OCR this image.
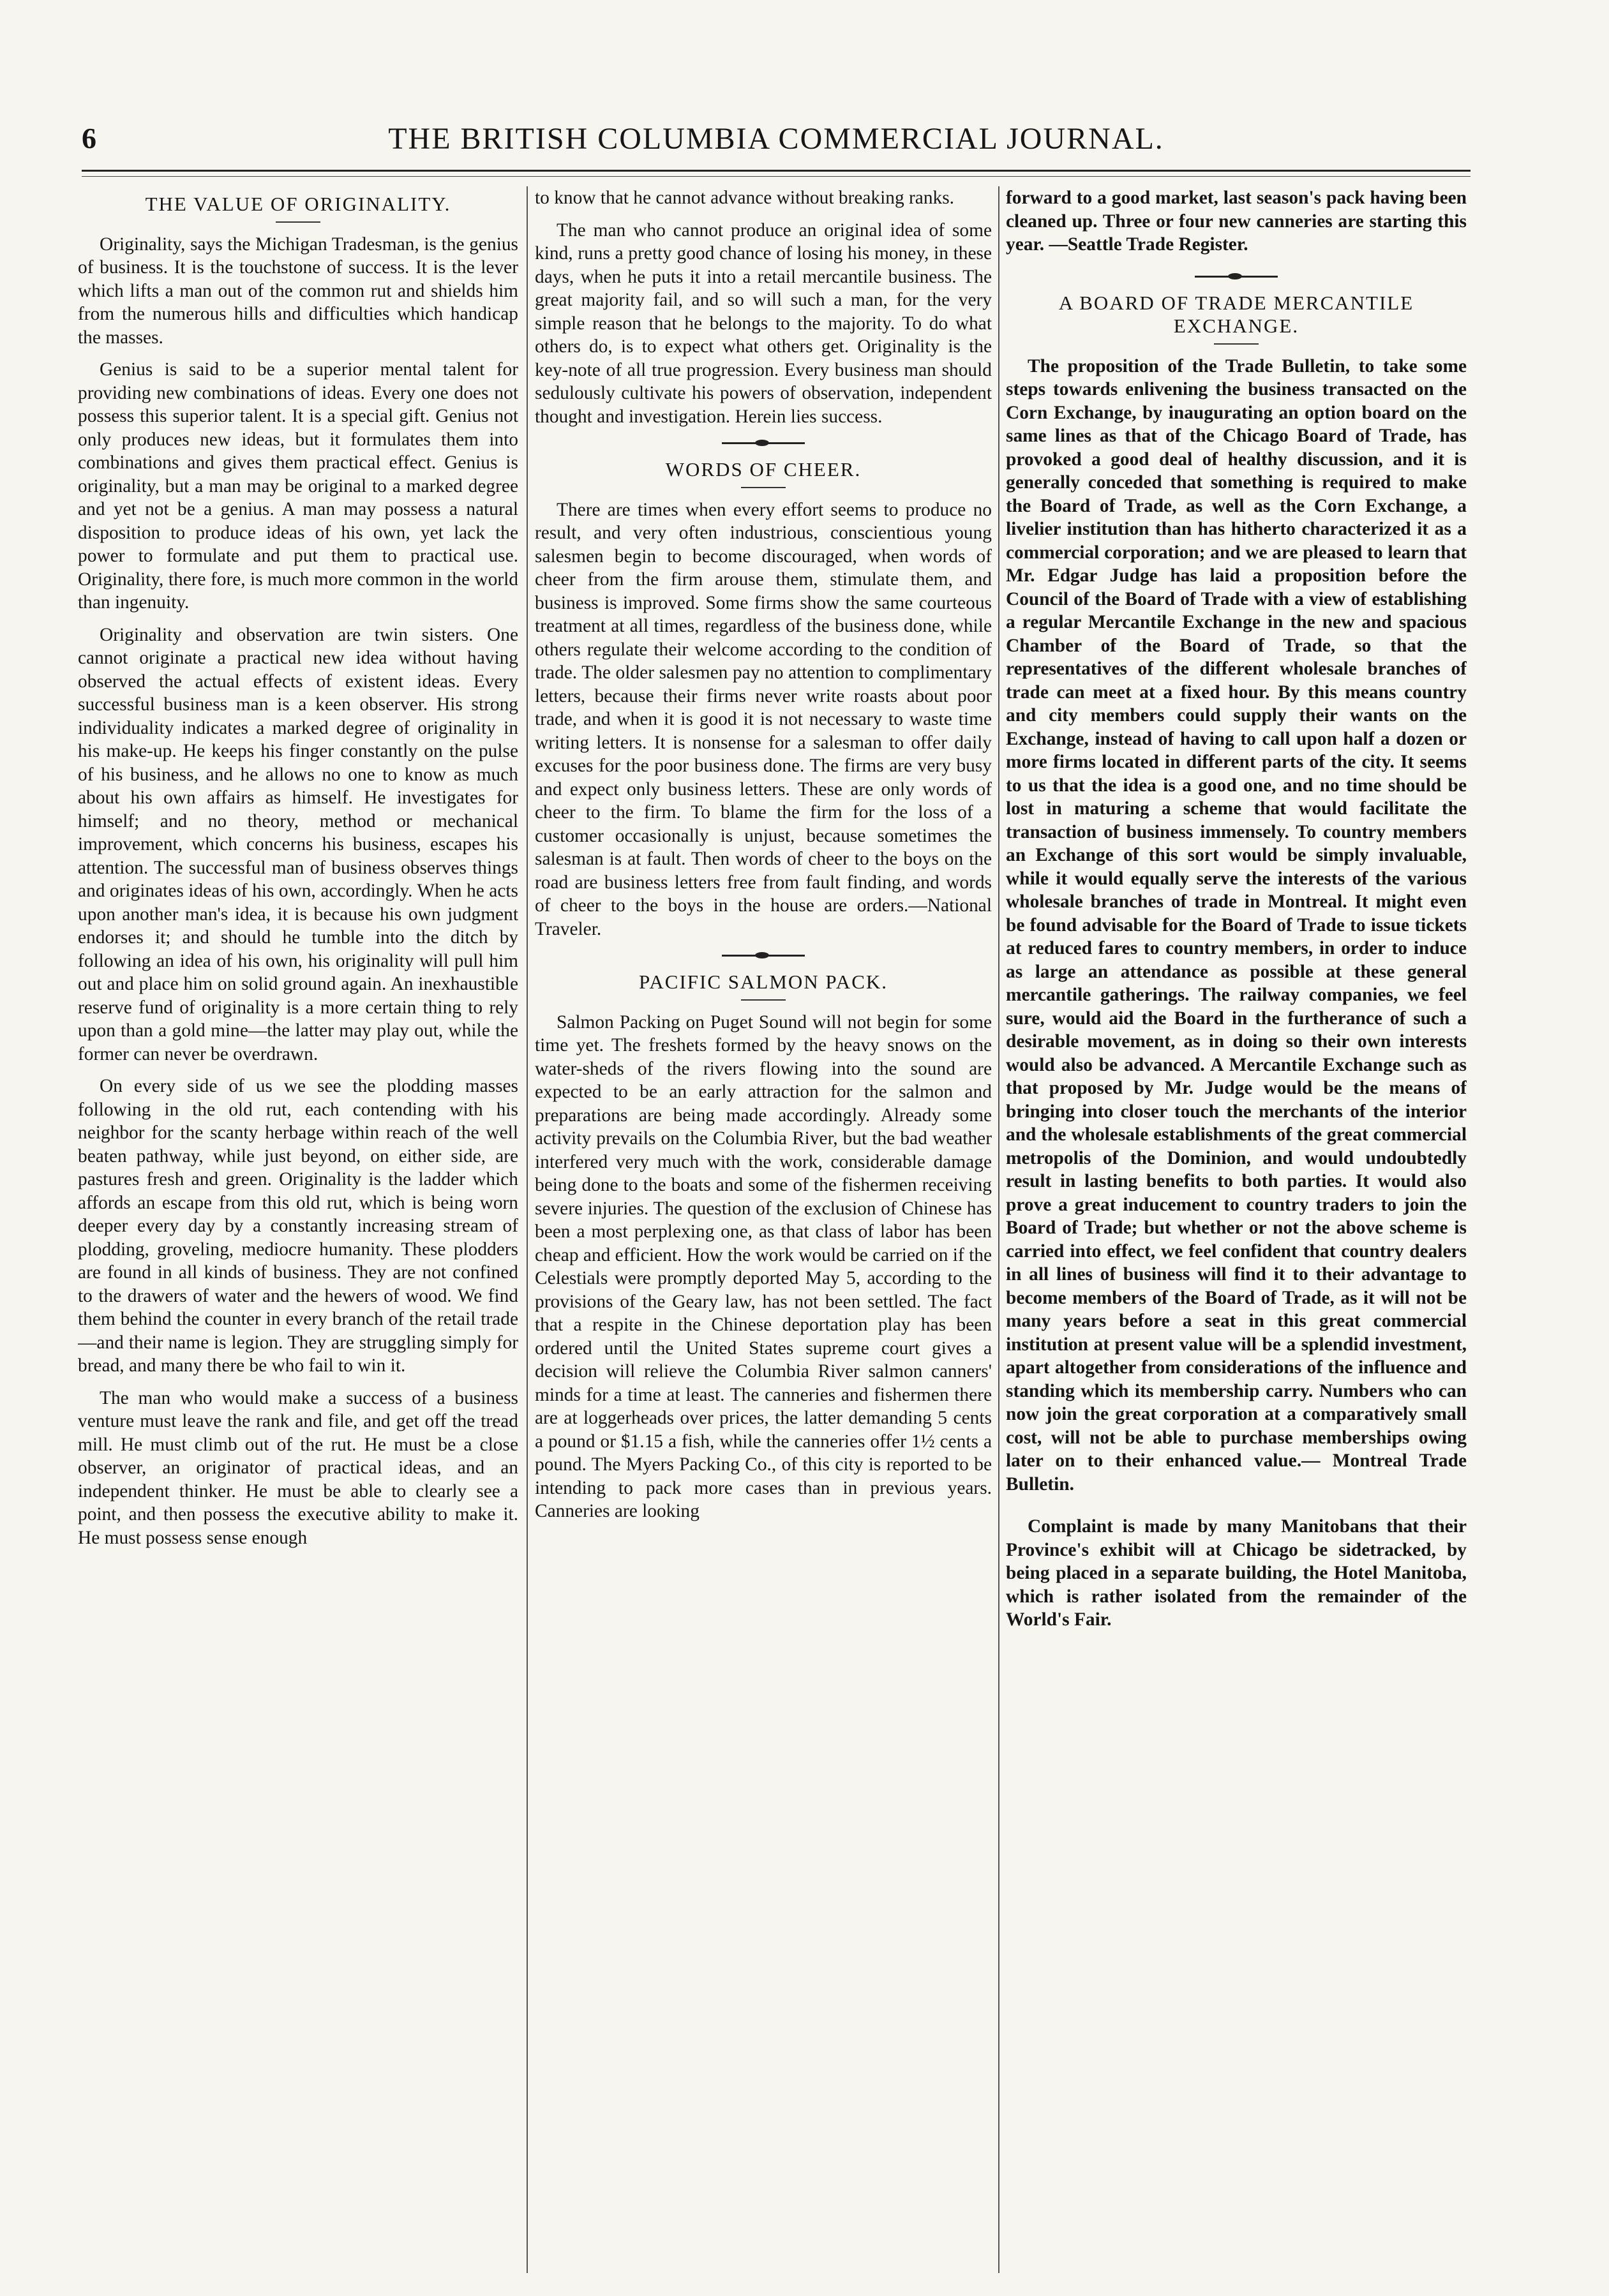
6	THE BRITISH COLUMBIA COMMERCIAL JOURNAL.
THE VALUE OF ORIGINALITY.

Originality, says the Michigan Tradesman, is the genius of business. It is the touchstone of success. It is the lever which lifts a man out of the common rut and shields him from the numerous hills and difficulties which handicap the masses.

Genius is said to be a superior mental talent for providing new combinations of ideas. Every one does not possess this superior talent. It is a special gift. Genius not only produces new ideas, but it formulates them into combinations and gives them practical effect. Genius is originality, but a man may be original to a marked degree and yet not be a genius. A man may possess a natural disposition to produce ideas of his own, yet lack the power to formulate and put them to practical use. Originality, there fore, is much more common in the world than ingenuity.

Originality and observation are twin sisters. One cannot originate a practical new idea without having observed the actual effects of existent ideas. Every successful business man is a keen observer. His strong individuality indicates a marked degree of originality in his make-up. He keeps his finger constantly on the pulse of his business, and he allows no one to know as much about his own affairs as himself. He investigates for himself; and no theory, method or mechanical improvement, which concerns his business, escapes his attention. The successful man of business observes things and originates ideas of his own, accordingly. When he acts upon another man's idea, it is because his own judgment endorses it; and should he tumble into the ditch by following an idea of his own, his originality will pull him out and place him on solid ground again. An inexhaustible reserve fund of originality is a more certain thing to rely upon than a gold mine—the latter may play out, while the former can never be overdrawn.

On every side of us we see the plodding masses following in the old rut, each contending with his neighbor for the scanty herbage within reach of the well beaten pathway, while just beyond, on either side, are pastures fresh and green. Originality is the ladder which affords an escape from this old rut, which is being worn deeper every day by a constantly increasing stream of plodding, groveling, mediocre humanity. These plodders are found in all kinds of business. They are not confined to the drawers of water and the hewers of wood. We find them behind the counter in every branch of the retail trade—and their name is legion. They are struggling simply for bread, and many there be who fail to win it.

The man who would make a success of a business venture must leave the rank and file, and get off the tread mill. He must climb out of the rut. He must be a close observer, an originator of practical ideas, and an independent thinker. He must be able to clearly see a point, and then possess the executive ability to make it. He must possess sense enough

to know that he cannot advance without breaking ranks.

The man who cannot produce an original idea of some kind, runs a pretty good chance of losing his money, in these days, when he puts it into a retail mercantile business. The great majority fail, and so will such a man, for the very simple reason that he belongs to the majority. To do what others do, is to expect what others get. Originality is the key-note of all true progression. Every business man should sedulously cultivate his powers of observation, independent thought and investigation. Herein lies success.

WORDS OF CHEER.

There are times when every effort seems to produce no result, and very often industrious, conscientious young salesmen begin to become discouraged, when words of cheer from the firm arouse them, stimulate them, and business is improved. Some firms show the same courteous treatment at all times, regardless of the business done, while others regulate their welcome according to the condition of trade. The older salesmen pay no attention to complimentary letters, because their firms never write roasts about poor trade, and when it is good it is not necessary to waste time writing letters. It is nonsense for a salesman to offer daily excuses for the poor business done. The firms are very busy and expect only business letters. These are only words of cheer to the firm. To blame the firm for the loss of a customer occasionally is unjust, because sometimes the salesman is at fault. Then words of cheer to the boys on the road are business letters free from fault finding, and words of cheer to the boys in the house are orders.—National Traveler.

PACIFIC SALMON PACK.

Salmon Packing on Puget Sound will not begin for some time yet. The freshets formed by the heavy snows on the water-sheds of the rivers flowing into the sound are expected to be an early attraction for the salmon and preparations are being made accordingly. Already some activity prevails on the Columbia River, but the bad weather interfered very much with the work, considerable damage being done to the boats and some of the fishermen receiving severe injuries. The question of the exclusion of Chinese has been a most perplexing one, as that class of labor has been cheap and efficient. How the work would be carried on if the Celestials were promptly deported May 5, according to the provisions of the Geary law, has not been settled. The fact that a respite in the Chinese deportation play has been ordered until the United States supreme court gives a decision will relieve the Columbia River salmon canners' minds for a time at least. The canneries and fishermen there are at loggerheads over prices, the latter demanding 5 cents a pound or $1.15 a fish, while the canneries offer 1½ cents a pound. The Myers Packing Co., of this city is reported to be intending to pack more cases than in previous years. Canneries are looking

forward to a good market, last season's pack having been cleaned up. Three or four new canneries are starting this year. —Seattle Trade Register.

A BOARD OF TRADE MERCANTILE EXCHANGE.

The proposition of the Trade Bulletin, to take some steps towards enlivening the business transacted on the Corn Exchange, by inaugurating an option board on the same lines as that of the Chicago Board of Trade, has provoked a good deal of healthy discussion, and it is generally conceded that something is required to make the Board of Trade, as well as the Corn Exchange, a livelier institution than has hitherto characterized it as a commercial corporation; and we are pleased to learn that Mr. Edgar Judge has laid a proposition before the Council of the Board of Trade with a view of establishing a regular Mercantile Exchange in the new and spacious Chamber of the Board of Trade, so that the representatives of the different wholesale branches of trade can meet at a fixed hour. By this means country and city members could supply their wants on the Exchange, instead of having to call upon half a dozen or more firms located in different parts of the city. It seems to us that the idea is a good one, and no time should be lost in maturing a scheme that would facilitate the transaction of business immensely. To country members an Exchange of this sort would be simply invaluable, while it would equally serve the interests of the various wholesale branches of trade in Montreal. It might even be found advisable for the Board of Trade to issue tickets at reduced fares to country members, in order to induce as large an attendance as possible at these general mercantile gatherings. The railway companies, we feel sure, would aid the Board in the furtherance of such a desirable movement, as in doing so their own interests would also be advanced. A Mercantile Exchange such as that proposed by Mr. Judge would be the means of bringing into closer touch the merchants of the interior and the wholesale establishments of the great commercial metropolis of the Dominion, and would undoubtedly result in lasting benefits to both parties. It would also prove a great inducement to country traders to join the Board of Trade; but whether or not the above scheme is carried into effect, we feel confident that country dealers in all lines of business will find it to their advantage to become members of the Board of Trade, as it will not be many years before a seat in this great commercial institution at present value will be a splendid investment, apart altogether from considerations of the influence and standing which its membership carry. Numbers who can now join the great corporation at a comparatively small cost, will not be able to purchase memberships owing later on to their enhanced value.— Montreal Trade Bulletin.

Complaint is made by many Manitobans that their Province's exhibit will at Chicago be sidetracked, by being placed in a separate building, the Hotel Manitoba, which is rather isolated from the remainder of the World's Fair.
